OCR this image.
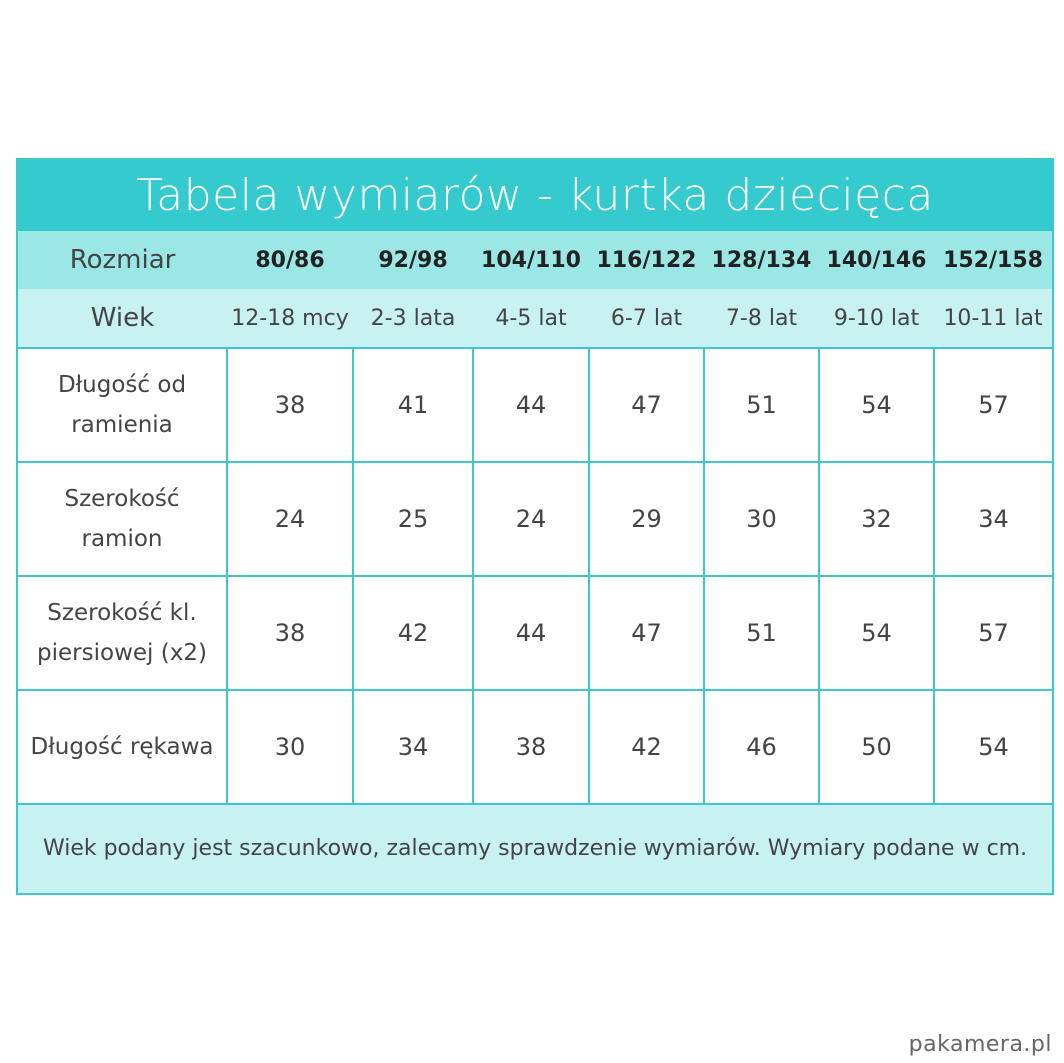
Tabela wymiarów - kurtka dziecięca							
Rozmiar	80/86	92/98	104/110	116/122	128/134	140/146	152/158
Wiek	12-18 mcy	2-3 lata	4-5 lat	6-7 lat	7-8 lat	9-10 lat	10-11 lat

Długość od
ramienia	38	41	44	47	51	54	57

Szerokość
ramion	24	25	24	29	30	32	34

Szerokość kl.
piersiowej (x2)	38	42	44	47	51	54	57

Długość rękawa	30	34	38	42	46	50	54
Wiek podany jest szacunkowo, zalecamy sprawdzenie wymiarów. Wymiary podane w cm.							
pakamera.pl
